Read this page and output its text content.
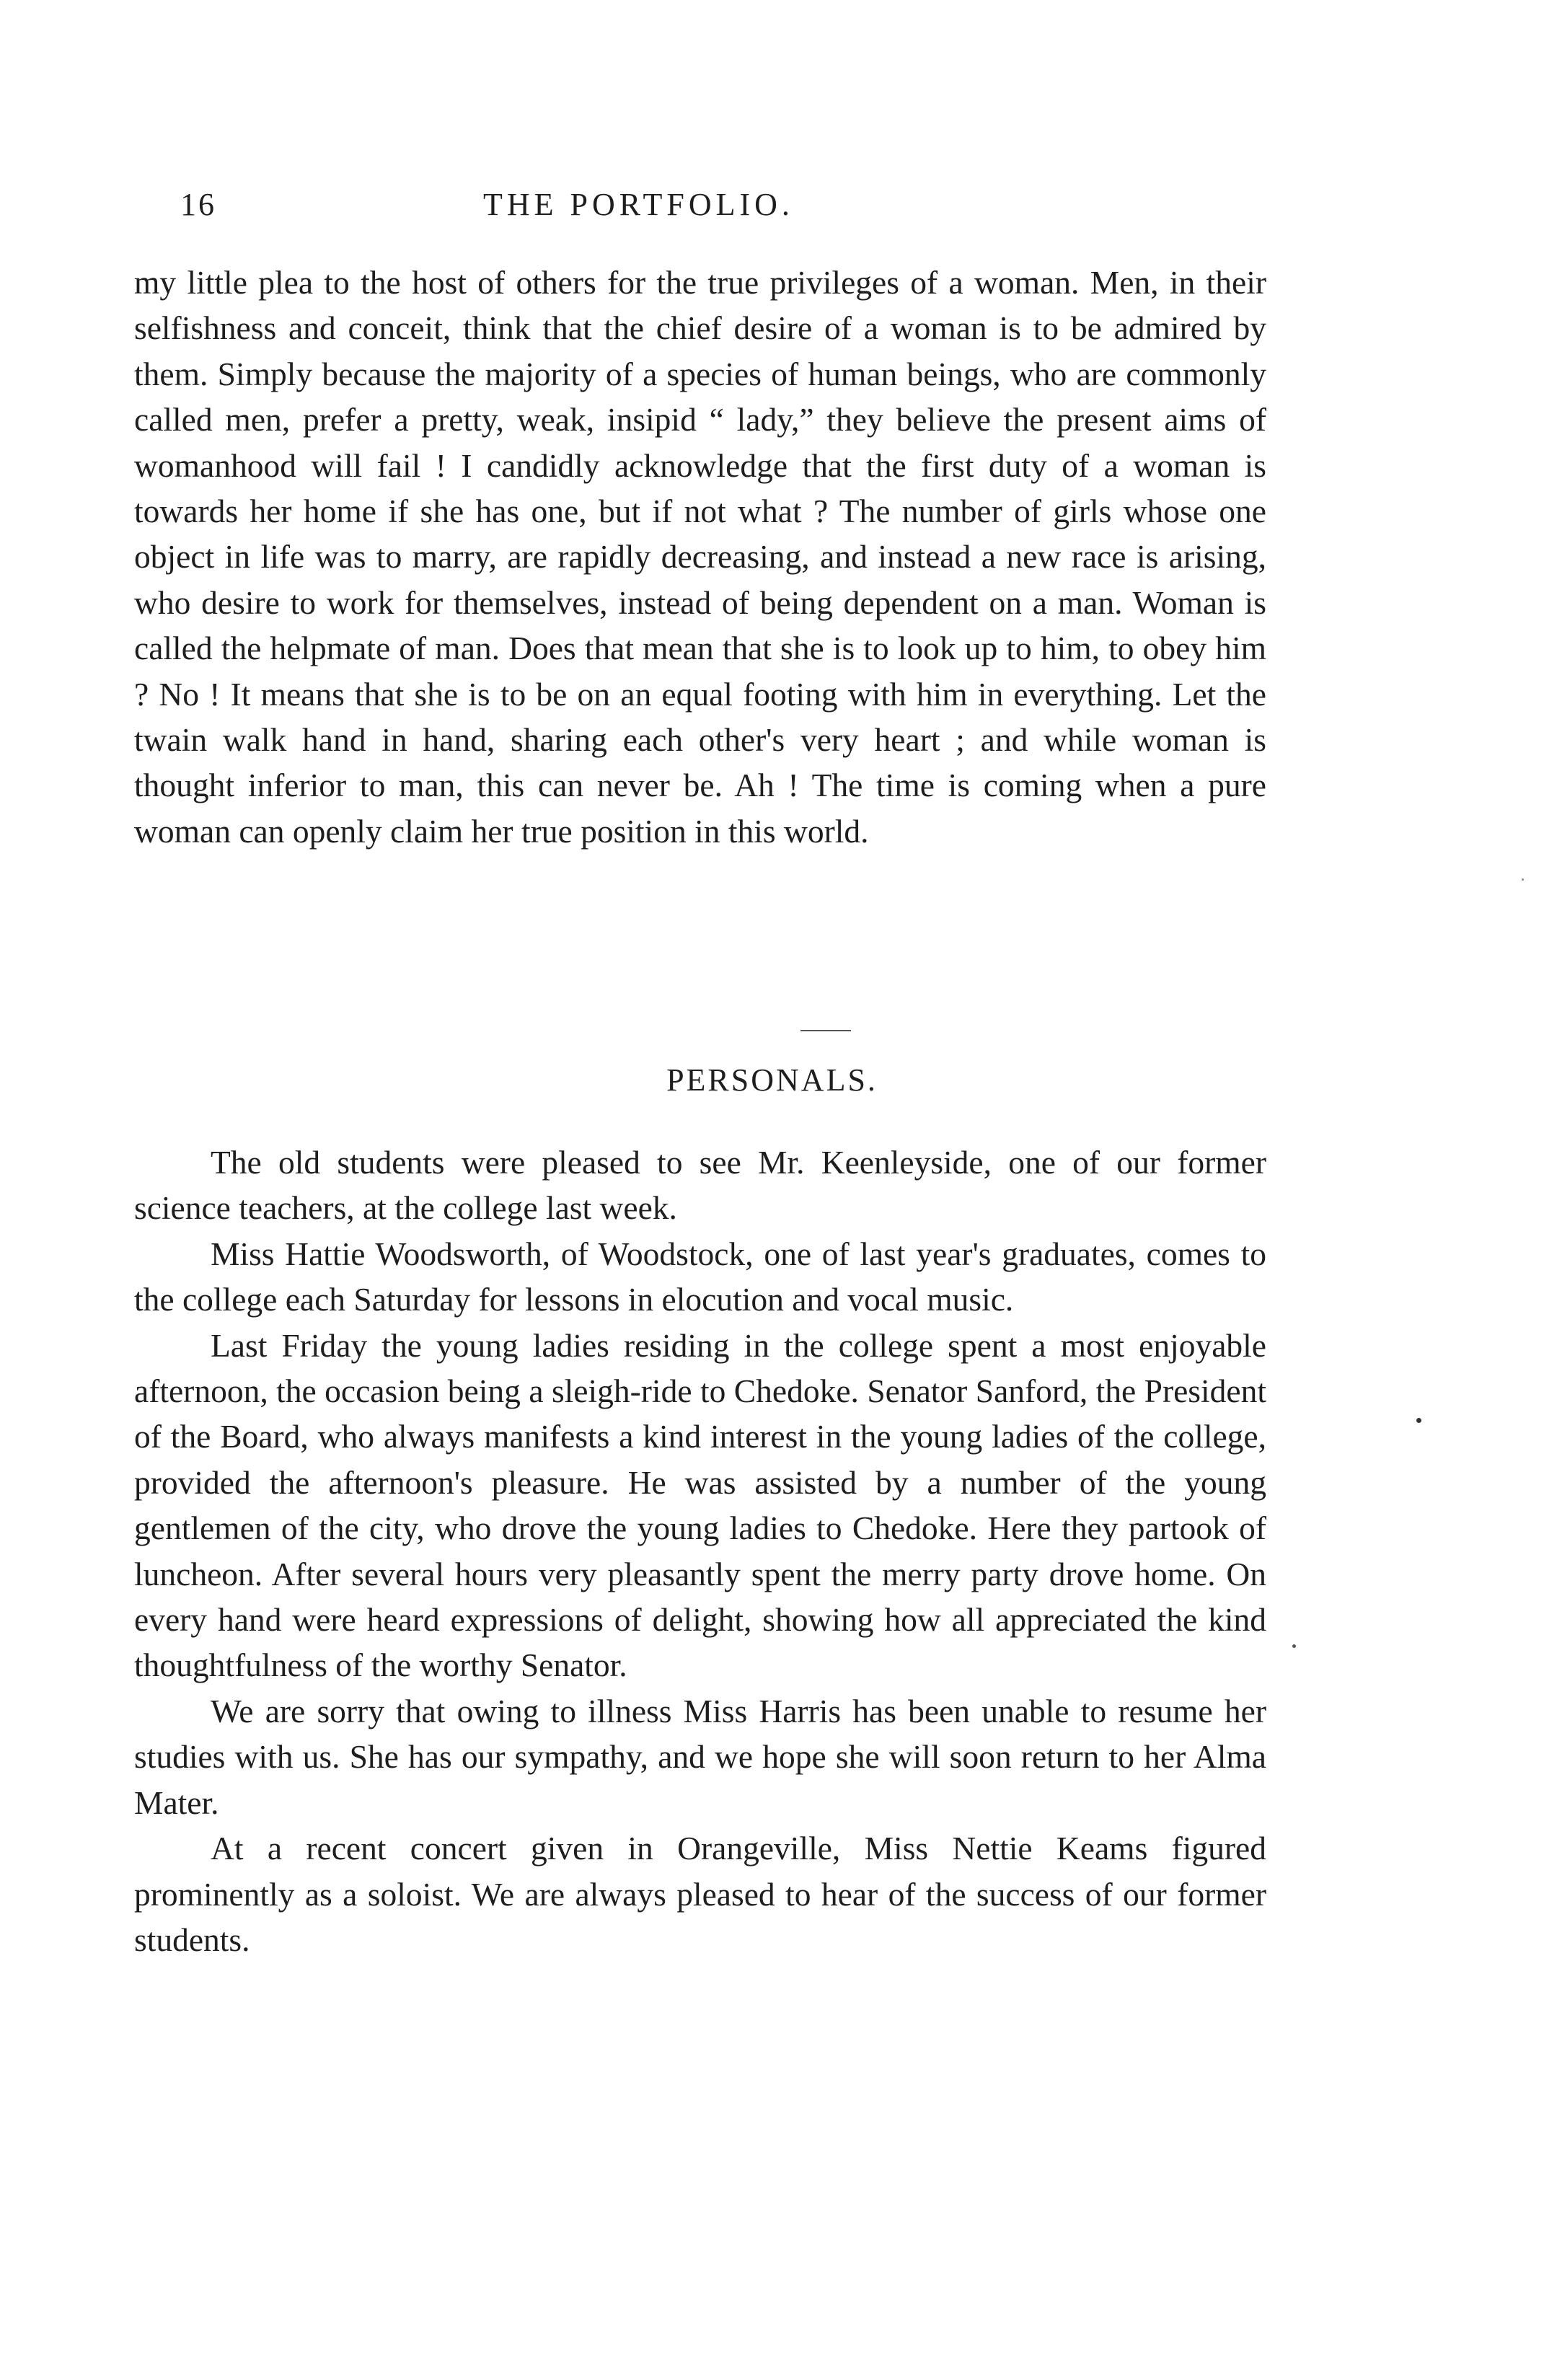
16	THE PORTFOLIO.

my little plea to the host of others for the true privileges of a woman. Men, in their selfishness and conceit, think that the chief desire of a woman is to be admired by them. Simply because the majority of a species of human beings, who are commonly called men, prefer a pretty, weak, insipid “ lady,” they believe the present aims of womanhood will fail ! I candidly acknowledge that the first duty of a woman is towards her home if she has one, but if not what ? The number of girls whose one object in life was to marry, are rapidly decreasing, and instead a new race is arising, who desire to work for themselves, instead of being dependent on a man. Woman is called the helpmate of man. Does that mean that she is to look up to him, to obey him ? No ! It means that she is to be on an equal footing with him in everything. Let the twain walk hand in hand, sharing each other's very heart ; and while woman is thought inferior to man, this can never be. Ah ! The time is coming when a pure woman can openly claim her true position in this world.

PERSONALS.

The old students were pleased to see Mr. Keenleyside, one of our former science teachers, at the college last week.

Miss Hattie Woodsworth, of Woodstock, one of last year's graduates, comes to the college each Saturday for lessons in elocution and vocal music.

Last Friday the young ladies residing in the college spent a most enjoyable afternoon, the occasion being a sleigh-ride to Chedoke. Senator Sanford, the President of the Board, who always manifests a kind interest in the young ladies of the college, provided the afternoon's pleasure. He was assisted by a number of the young gentlemen of the city, who drove the young ladies to Chedoke. Here they partook of luncheon. After several hours very pleasantly spent the merry party drove home. On every hand were heard expressions of delight, showing how all appreciated the kind thoughtfulness of the worthy Senator.

We are sorry that owing to illness Miss Harris has been unable to resume her studies with us. She has our sympathy, and we hope she will soon return to her Alma Mater.

At a recent concert given in Orangeville, Miss Nettie Keams figured prominently as a soloist. We are always pleased to hear of the success of our former students.
